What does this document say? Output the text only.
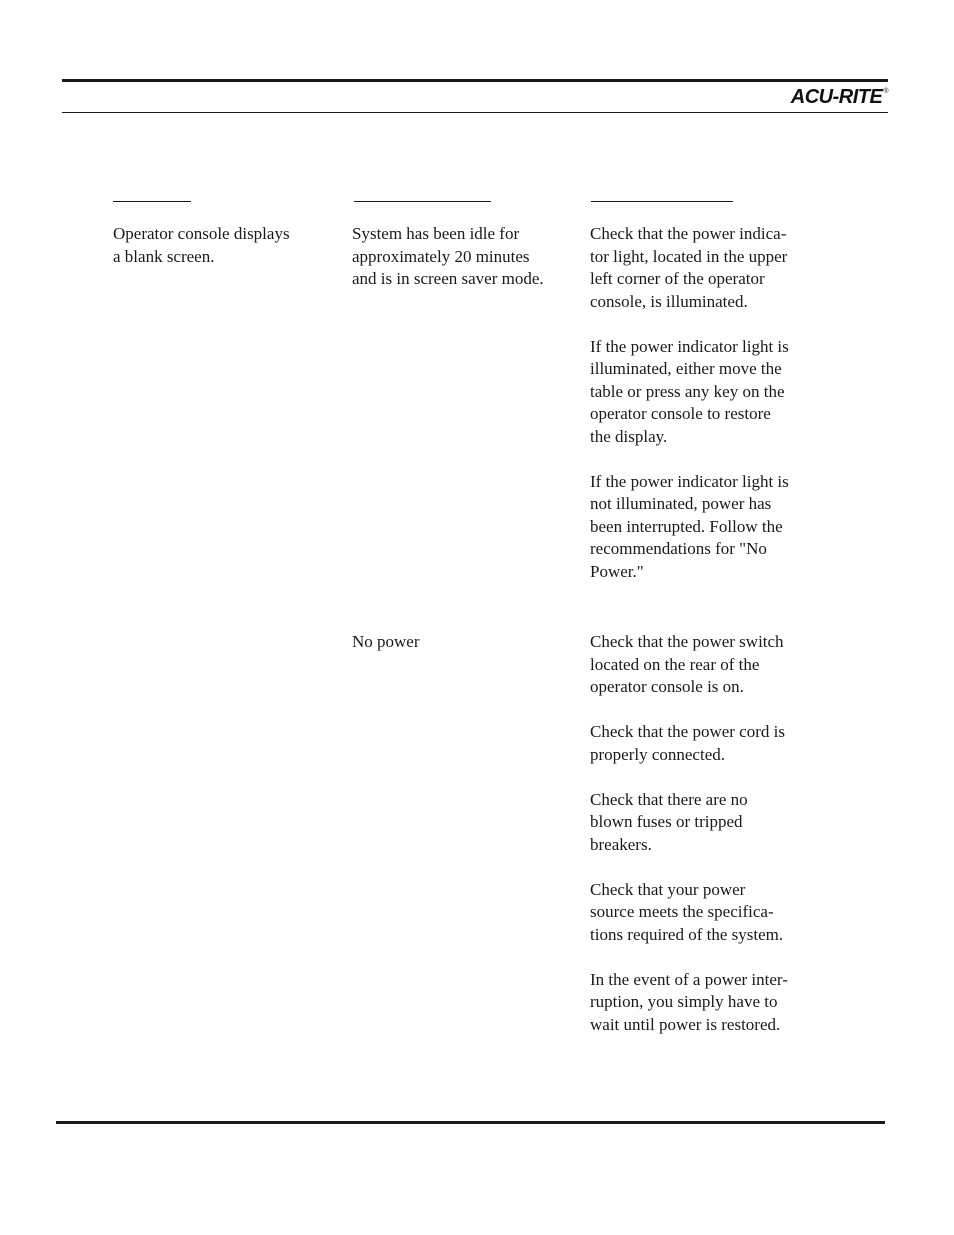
ACU-RITE®

Operator console displays
a blank screen.

System has been idle for
approximately 20 minutes
and is in screen saver mode.

Check that the power indica-
tor light, located in the upper
left corner of the operator
console, is illuminated.

If the power indicator light is
illuminated, either move the
table or press any key on the
operator console to restore
the display.

If the power indicator light is
not illuminated, power has
been interrupted. Follow the
recommendations for "No
Power."

No power	Check that the power switch
located on the rear of the
operator console is on.

Check that the power cord is
properly connected.

Check that there are no
blown fuses or tripped
breakers.

Check that your power
source meets the specifica-
tions required of the system.

In the event of a power inter-
ruption, you simply have to
wait until power is restored.
